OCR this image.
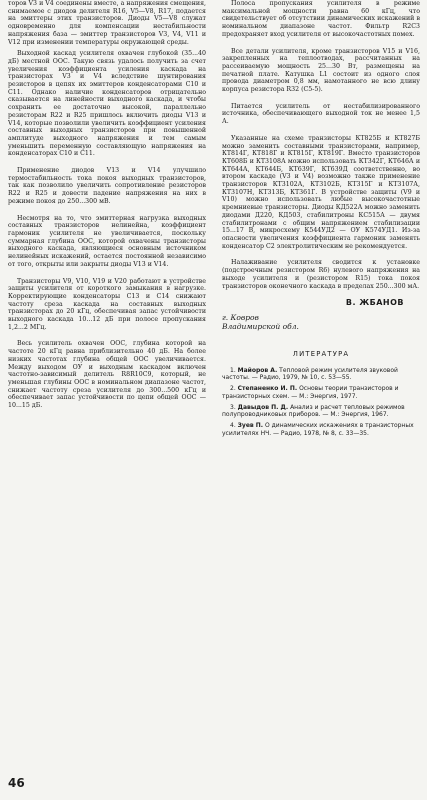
торов V3 и V4 соединены вместе, а напряжения смещения, снимаемое с диодов делителя R16, V5—V8, R17, подается на эмиттеры этих транзисторов. Диоды V5—V8 служат одновременно для компенсации нестабильности напряжения база — эмиттер транзисторов V3, V4, V11 и V12 при изменении температуры окружающей среды.

Выходной каскад усилителя охвачен глубокой (35...40 дБ) местной ООС. Такую связь удалось получить за счет увеличения коэффициента усиления каскада на транзисторах V3 и V4 вследствие шунтирования резисторов в цепях их эмиттеров конденсаторами C10 и C11. Однако наличие конденсаторов отрицательно сказывается на линейности выходного каскада, и чтобы сохранить ее достаточно высокой, параллельно резисторам R22 и R25 пришлось включить диоды V13 и V14, которые позволили увеличить коэффициент усиления составных выходных транзисторов при повышенной амплитуде выходного напряжения и тем самым уменьшить переменную составляющую напряжения на конденсаторах C10 и C11.

Применение диодов V13 и V14 улучшило термостабильность тока покоя выходных транзисторов, так как позволило увеличить сопротивление резисторов R22 и R25 и довести падение напряжения на них в режиме покоя до 250...300 мВ.

Несмотря на то, что эмиттерная нагрузка выходных составных транзисторов нелинейна, коэффициент гармоник усилителя не увеличивается, поскольку суммарная глубина ООС, которой охвачены транзисторы выходного каскада, являющиеся основным источником нелинейных искажений, остается постоянной независимо от того, открыты или закрыты диоды V13 и V14.

Транзисторы V9, V10, V19 и V20 работают в устройстве защиты усилителя от короткого замыкания в нагрузке. Корректирующие конденсаторы C13 и C14 снижают частоту среза каскада на составных выходных транзисторах до 20 кГц, обеспечивая запас устойчивости выходного каскада 10...12 дБ при полосе пропускания 1,2...2 МГц.

Весь усилитель охвачен ООС, глубина которой на частоте 20 кГц равна приблизительно 40 дБ. На более низких частотах глубина общей ООС увеличивается. Между выходом ОУ и выходным каскадом включен частотно-зависимый делитель R8R10C9, который, не уменьшая глубины ООС в номинальном диапазоне частот, снижает частоту среза усилителя до 300...500 кГц и обеспечивает запас устойчивости по цепи общей ООС — 10...15 дБ.

Полоса пропускания усилителя в режиме максимальной мощности равна 60 кГц, что свидетельствует об отсутствии динамических искажений в номинальном диапазоне частот. Фильтр R2C3 предохраняет вход усилителя от высокочастотных помех.

Все детали усилителя, кроме транзисторов V15 и V16, закрепленных на теплоотводах, рассчитанных на рассеиваемую мощность 25...30 Вт, размещены на печатной плате. Катушка L1 состоит из одного слоя провода диаметром 0,8 мм, намотанного не всю длину корпуса резистора R32 (C5-5).

Питается усилитель от нестабилизированного источника, обеспечивающего выходной ток не менее 1,5 А.

Указанные на схеме транзисторы КТ825Б и КТ827Б можно заменить составными транзисторами, например, КТ814Г, КТ818Г и КТ815Г, КТ819Г. Вместо транзисторов КТ608Б и КТ3108А можно использовать КТ342Г, КТ646А и КТ644А, КТ644Б, КТ639Г, КТ639Д соответственно, во втором каскаде (V3 и V4) возможно также применение транзисторов КТ3102А, КТ3102Б, КТ315Г и КТ3107А, КТ3107Н, КТ313Б, КТ361Г. В устройстве защиты (V9 и V10) можно использовать любые высокочастотные кремниевые транзисторы. Диоды КД522А можно заменить диодами Д220, КД503, стабилитроны КС515А — двумя стабилитронами с общим напряжением стабилизации 15...17 В, микросхему К544УД2 — ОУ К574УД1. Из-за опасности увеличения коэффициента гармоник заменять конденсатор C2 электролитическим не рекомендуется.

Налаживание усилителя сводится к установке (подстроечным резистором R6) нулевого напряжения на выходе усилителя и (резистором R15) тока покоя транзисторов оконечного каскада в пределах 250...300 мА.

В. ЖБАНОВ
г. Ковров
Владимирской обл.
ЛИТЕРАТУРА
1. Майоров А. Тепловой режим усилителя звуковой частоты. — Радио, 1979, № 10, с. 53—55.
2. Степаненко И. П. Основы теории транзисторов и транзисторных схем. — М.: Энергия, 1977.
3. Давыдов П. Д. Анализ и расчет тепловых режимов полупроводниковых приборов. — М.: Энергия, 1967.
4. Зуев П. О динамических искажениях в транзисторных усилителях НЧ. — Радио, 1978, № 8, с. 33—35.
46
